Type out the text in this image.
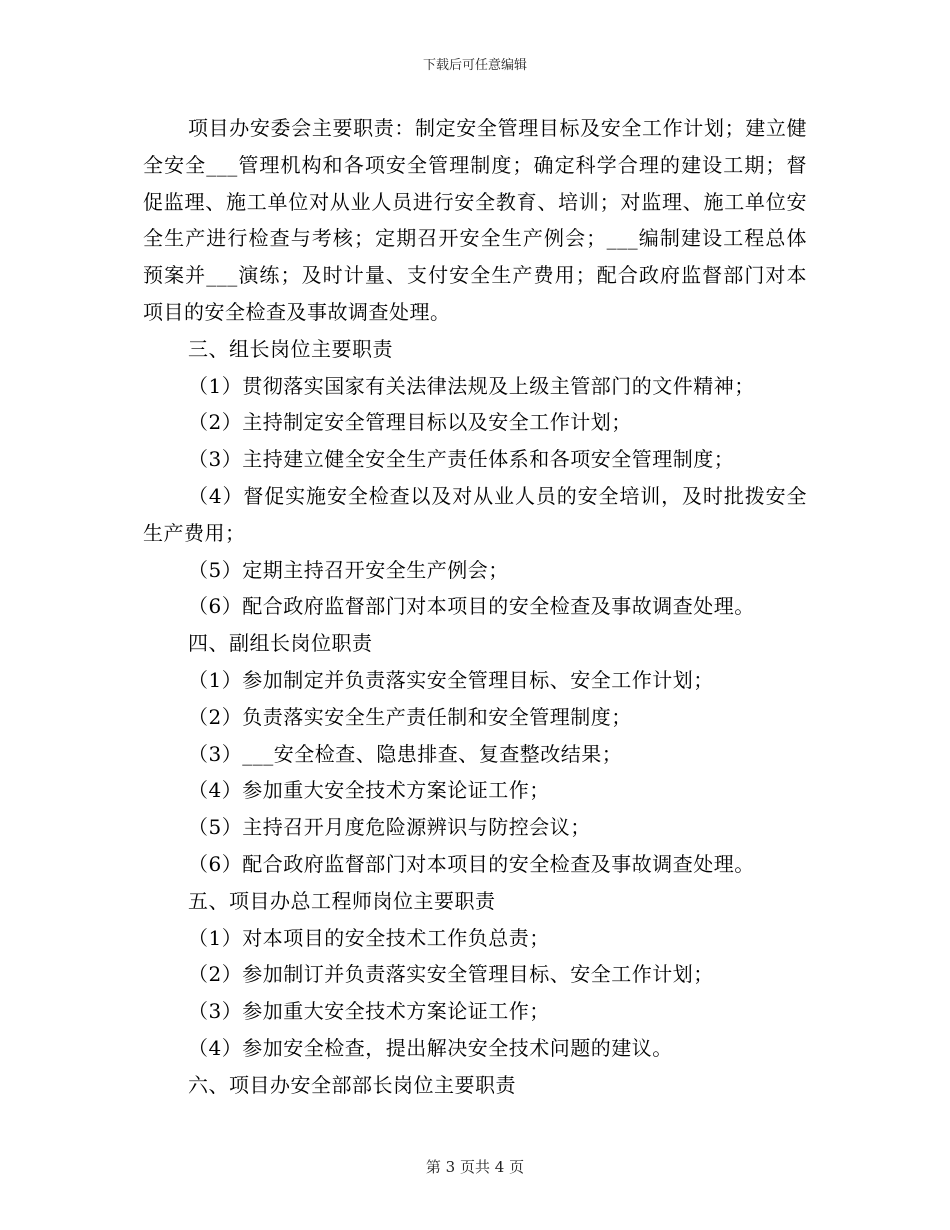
下载后可任意编辑

项目办安委会主要职责：制定安全管理目标及安全工作计划；建立健全安全___管理机构和各项安全管理制度；确定科学合理的建设工期；督促监理、施工单位对从业人员进行安全教育、培训；对监理、施工单位安全生产进行检查与考核；定期召开安全生产例会；___编制建设工程总体预案并___演练；及时计量、支付安全生产费用；配合政府监督部门对本项目的安全检查及事故调查处理。

三、组长岗位主要职责

（1）贯彻落实国家有关法律法规及上级主管部门的文件精神；

（2）主持制定安全管理目标以及安全工作计划；

（3）主持建立健全安全生产责任体系和各项安全管理制度；

（4）督促实施安全检查以及对从业人员的安全培训，及时批拨安全生产费用；

（5）定期主持召开安全生产例会；

（6）配合政府监督部门对本项目的安全检查及事故调查处理。

四、副组长岗位职责

（1）参加制定并负责落实安全管理目标、安全工作计划；

（2）负责落实安全生产责任制和安全管理制度；

（3）___安全检查、隐患排查、复查整改结果；

（4）参加重大安全技术方案论证工作；

（5）主持召开月度危险源辨识与防控会议；

（6）配合政府监督部门对本项目的安全检查及事故调查处理。

五、项目办总工程师岗位主要职责

（1）对本项目的安全技术工作负总责；

（2）参加制订并负责落实安全管理目标、安全工作计划；

（3）参加重大安全技术方案论证工作；

（4）参加安全检查，提出解决安全技术问题的建议。

六、项目办安全部部长岗位主要职责

第 3 页共 4 页
